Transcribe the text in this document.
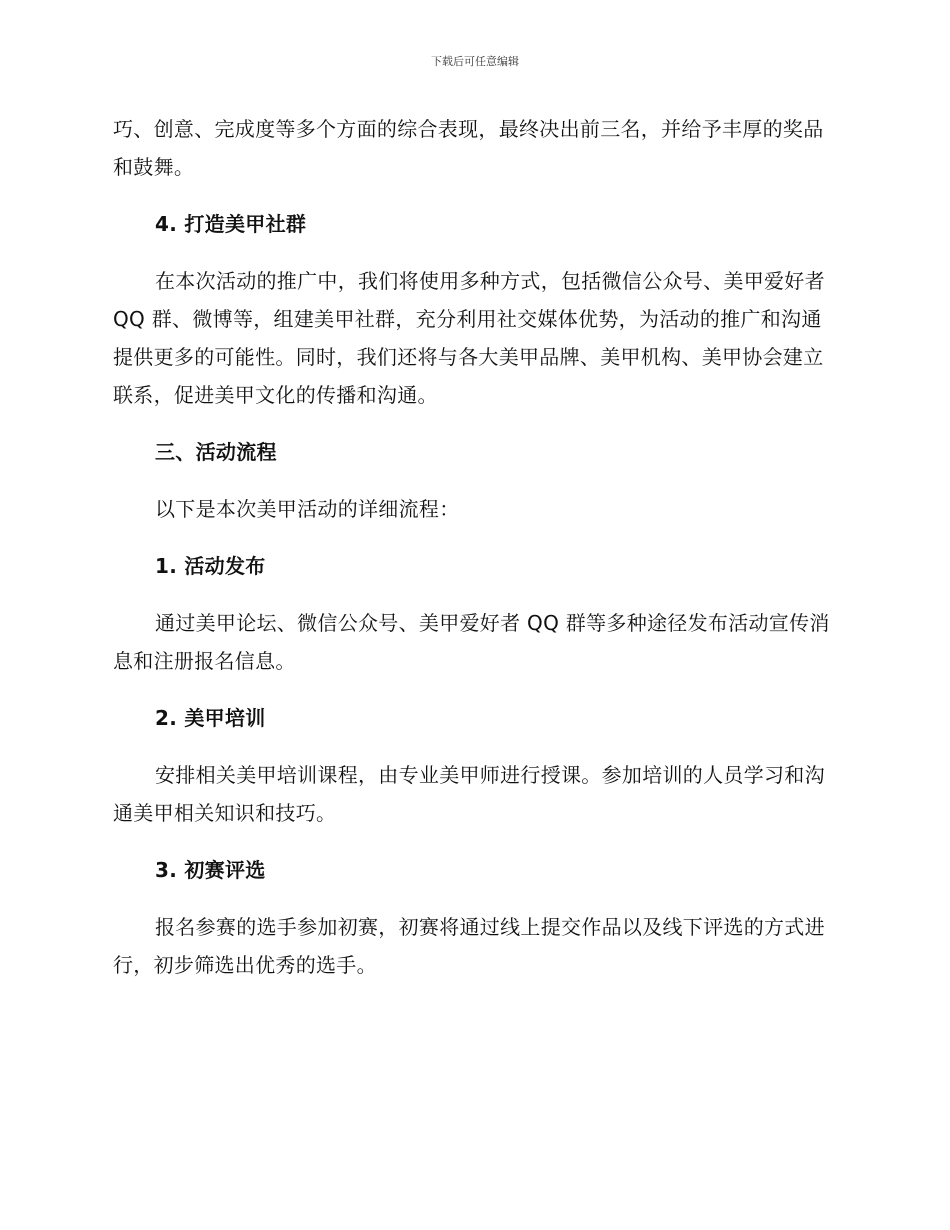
下载后可任意编辑

巧、创意、完成度等多个方面的综合表现，最终决出前三名，并给予丰厚的奖品和鼓舞。

4. 打造美甲社群

在本次活动的推广中，我们将使用多种方式，包括微信公众号、美甲爱好者 QQ 群、微博等，组建美甲社群，充分利用社交媒体优势，为活动的推广和沟通提供更多的可能性。同时，我们还将与各大美甲品牌、美甲机构、美甲协会建立联系，促进美甲文化的传播和沟通。

三、活动流程

以下是本次美甲活动的详细流程：

1. 活动发布

通过美甲论坛、微信公众号、美甲爱好者 QQ 群等多种途径发布活动宣传消息和注册报名信息。

2. 美甲培训

安排相关美甲培训课程，由专业美甲师进行授课。参加培训的人员学习和沟通美甲相关知识和技巧。

3. 初赛评选

报名参赛的选手参加初赛，初赛将通过线上提交作品以及线下评选的方式进行，初步筛选出优秀的选手。
